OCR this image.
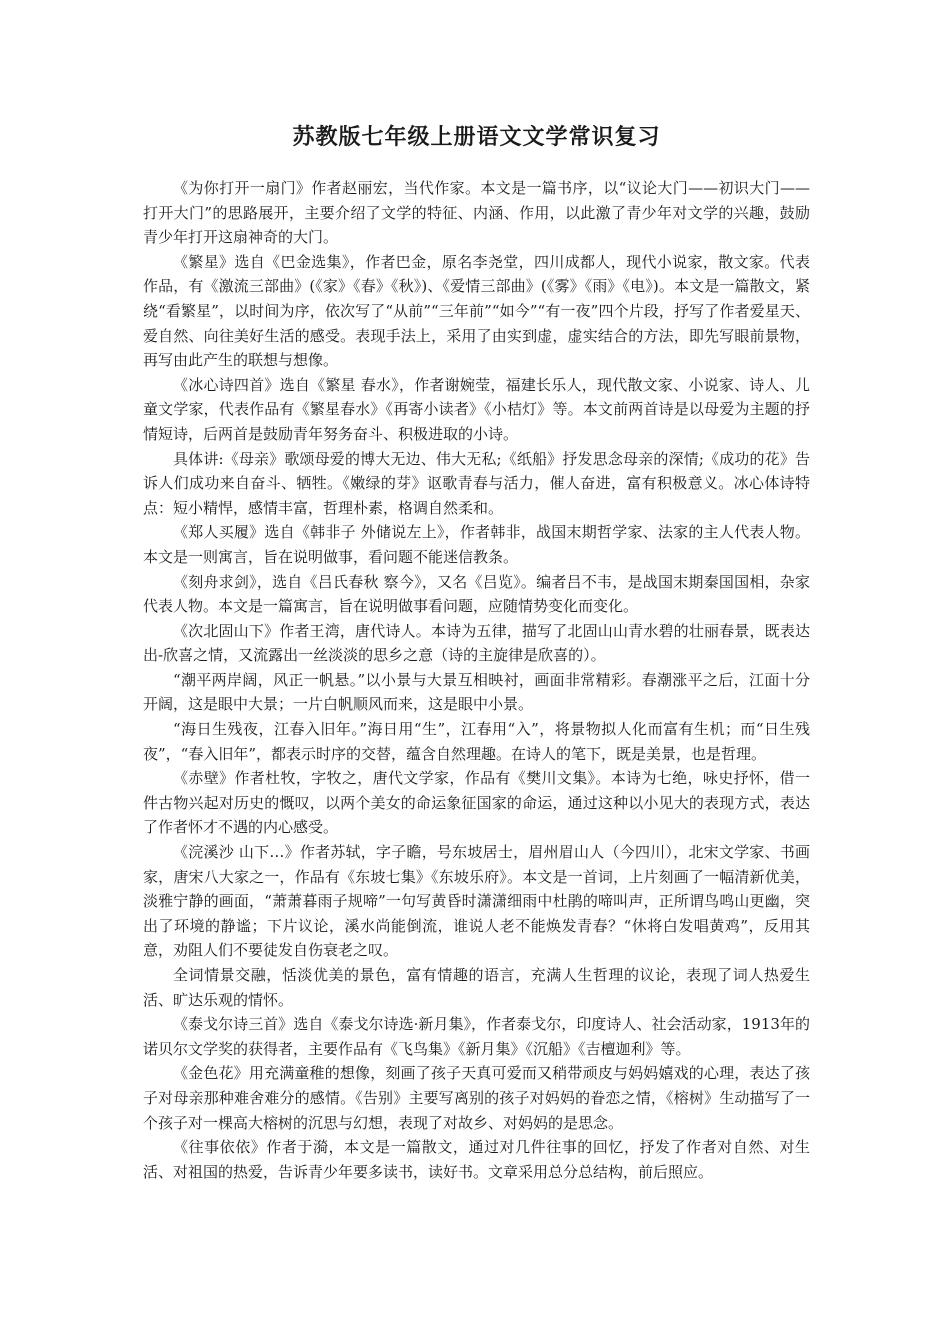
苏教版七年级上册语文文学常识复习

《为你打开一扇门》作者赵丽宏，当代作家。本文是一篇书序，以“议论大门——初识大门——打开大门”的思路展开，主要介绍了文学的特征、内涵、作用，以此激了青少年对文学的兴趣，鼓励青少年打开这扇神奇的大门。

《繁星》选自《巴金选集》，作者巴金，原名李尧堂，四川成都人，现代小说家，散文家。代表作品，有《激流三部曲》(《家》《春》《秋》)、《爱情三部曲》(《雾》《雨》《电》)。本文是一篇散文，紧绕“看繁星”，以时间为序，依次写了“从前”“三年前”“如今”“有一夜”四个片段，抒写了作者爱星天、爱自然、向往美好生活的感受。表现手法上，采用了由实到虚，虚实结合的方法，即先写眼前景物，再写由此产生的联想与想像。

《冰心诗四首》选自《繁星 春水》，作者谢婉莹，福建长乐人，现代散文家、小说家、诗人、儿童文学家，代表作品有《繁星春水》《再寄小读者》《小桔灯》等。本文前两首诗是以母爱为主题的抒情短诗，后两首是鼓励青年努务奋斗、积极进取的小诗。

具体讲:《母亲》歌颂母爱的博大无边、伟大无私;《纸船》抒发思念母亲的深情;《成功的花》告诉人们成功来自奋斗、牺牲。《嫩绿的芽》讴歌青春与活力，催人奋进，富有积极意义。冰心体诗特点：短小精悍，感情丰富，哲理朴素，格调自然柔和。

《郑人买履》选自《韩非子 外储说左上》，作者韩非，战国末期哲学家、法家的主人代表人物。本文是一则寓言，旨在说明做事，看问题不能迷信教条。

《刻舟求剑》，选自《吕氏春秋 察今》，又名《吕览》。编者吕不韦，是战国末期秦国国相，杂家代表人物。本文是一篇寓言，旨在说明做事看问题，应随情势变化而变化。

《次北固山下》作者王湾，唐代诗人。本诗为五律，描写了北固山山青水碧的壮丽春景，既表达出-欣喜之情，又流露出一丝淡淡的思乡之意（诗的主旋律是欣喜的）。

“潮平两岸阔，风正一帆悬。”以小景与大景互相映衬，画面非常精彩。春潮涨平之后，江面十分开阔，这是眼中大景；一片白帆顺风而来，这是眼中小景。

“海日生残夜，江春入旧年。”海日用“生”，江春用“入”，将景物拟人化而富有生机；而“日生残夜”，“春入旧年”，都表示时序的交替，蕴含自然理趣。在诗人的笔下，既是美景，也是哲理。

《赤壁》作者杜牧，字牧之，唐代文学家，作品有《樊川文集》。本诗为七绝，咏史抒怀，借一件古物兴起对历史的慨叹，以两个美女的命运象征国家的命运，通过这种以小见大的表现方式，表达了作者怀才不遇的内心感受。

《浣溪沙 山下…》作者苏轼，字子瞻，号东坡居士，眉州眉山人（今四川），北宋文学家、书画家，唐宋八大家之一，作品有《东坡七集》《东坡乐府》。本文是一首词，上片刻画了一幅清新优美，淡雅宁静的画面，“萧萧暮雨子规啼”一句写黄昏时潇潇细雨中杜鹃的啼叫声，正所谓鸟鸣山更幽，突出了环境的静谧；下片议论，溪水尚能倒流，谁说人老不能焕发青春？“休将白发唱黄鸡”，反用其意，劝阻人们不要徒发自伤衰老之叹。

全词情景交融，恬淡优美的景色，富有情趣的语言，充满人生哲理的议论，表现了词人热爱生活、旷达乐观的情怀。

《泰戈尔诗三首》选自《泰戈尔诗选·新月集》，作者泰戈尔，印度诗人、社会活动家，1913年的诺贝尔文学奖的获得者，主要作品有《飞鸟集》《新月集》《沉船》《吉檀迦利》等。

《金色花》用充满童稚的想像，刻画了孩子天真可爱而又稍带顽皮与妈妈嬉戏的心理，表达了孩子对母亲那种难舍难分的感情。《告别》主要写离别的孩子对妈妈的眷恋之情，《榕树》生动描写了一个孩子对一棵高大榕树的沉思与幻想，表现了对故乡、对妈妈的是思念。

《往事依依》作者于漪，本文是一篇散文，通过对几件往事的回忆，抒发了作者对自然、对生活、对祖国的热爱，告诉青少年要多读书，读好书。文章采用总分总结构，前后照应。
